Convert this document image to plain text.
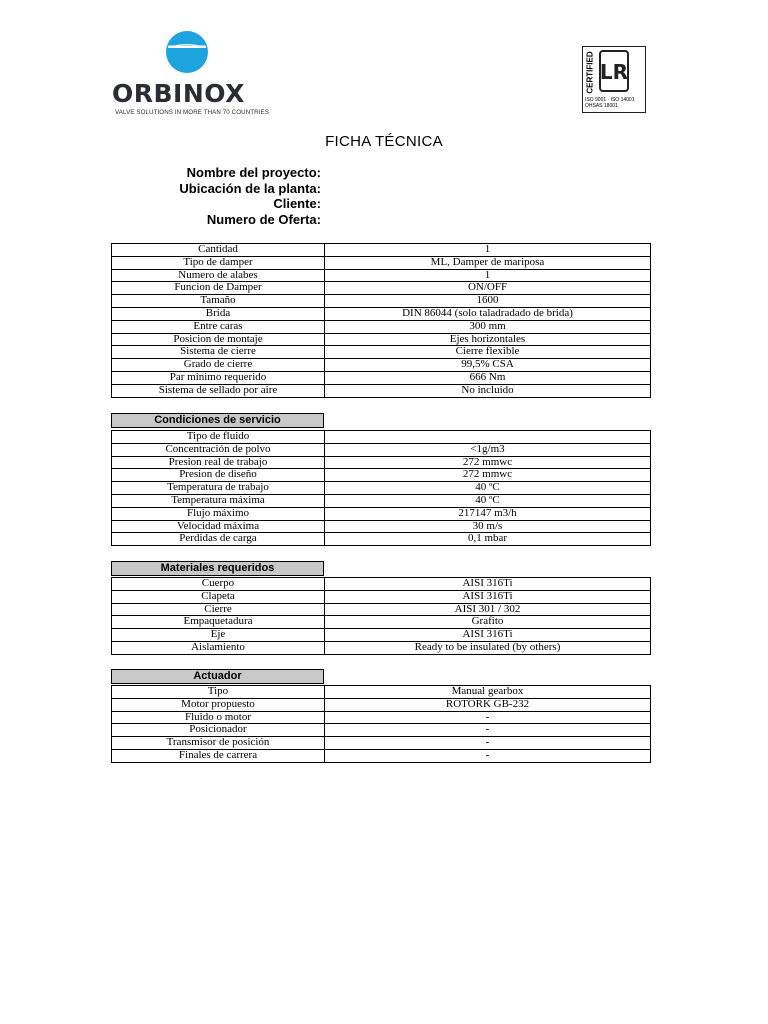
ORBINOX
VALVE SOLUTIONS IN MORE THAN 70 COUNTRIES
CERTIFIED LR
ISO 9001 · ISO 14001
OHSAS 18001
FICHA TÉCNICA
Nombre del proyecto:
Ubicación de la planta:
Cliente:
Numero de Oferta:
Cantidad	1
Tipo de damper	ML, Damper de mariposa
Numero de alabes	1
Funcion de Damper	ON/OFF
Tamaño	1600
Brida	DIN 86044 (solo taladradado de brida)
Entre caras	300 mm
Posicion de montaje	Ejes horizontales
Sistema de cierre	Cierre flexible
Grado de cierre	99,5% CSA
Par minimo requerido	666 Nm
Sistema de sellado por aire	No incluido
Condiciones de servicio
Tipo de fluido	
Concentración de polvo	<1g/m3
Presion real de trabajo	272 mmwc
Presion de diseño	272 mmwc
Temperatura de trabajo	40 ºC
Temperatura máxima	40 ºC
Flujo máximo	217147 m3/h
Velocidad máxima	30 m/s
Perdidas de carga	0,1 mbar
Materiales requeridos
Cuerpo	AISI 316Ti
Clapeta	AISI 316Ti
Cierre	AISI 301 / 302
Empaquetadura	Grafito
Eje	AISI 316Ti
Aislamiento	Ready to be insulated (by others)
Actuador
Tipo	Manual gearbox
Motor propuesto	ROTORK GB-232
Fluido o motor	-
Posicionador	-
Transmisor de posición	-
Finales de carrera	-
